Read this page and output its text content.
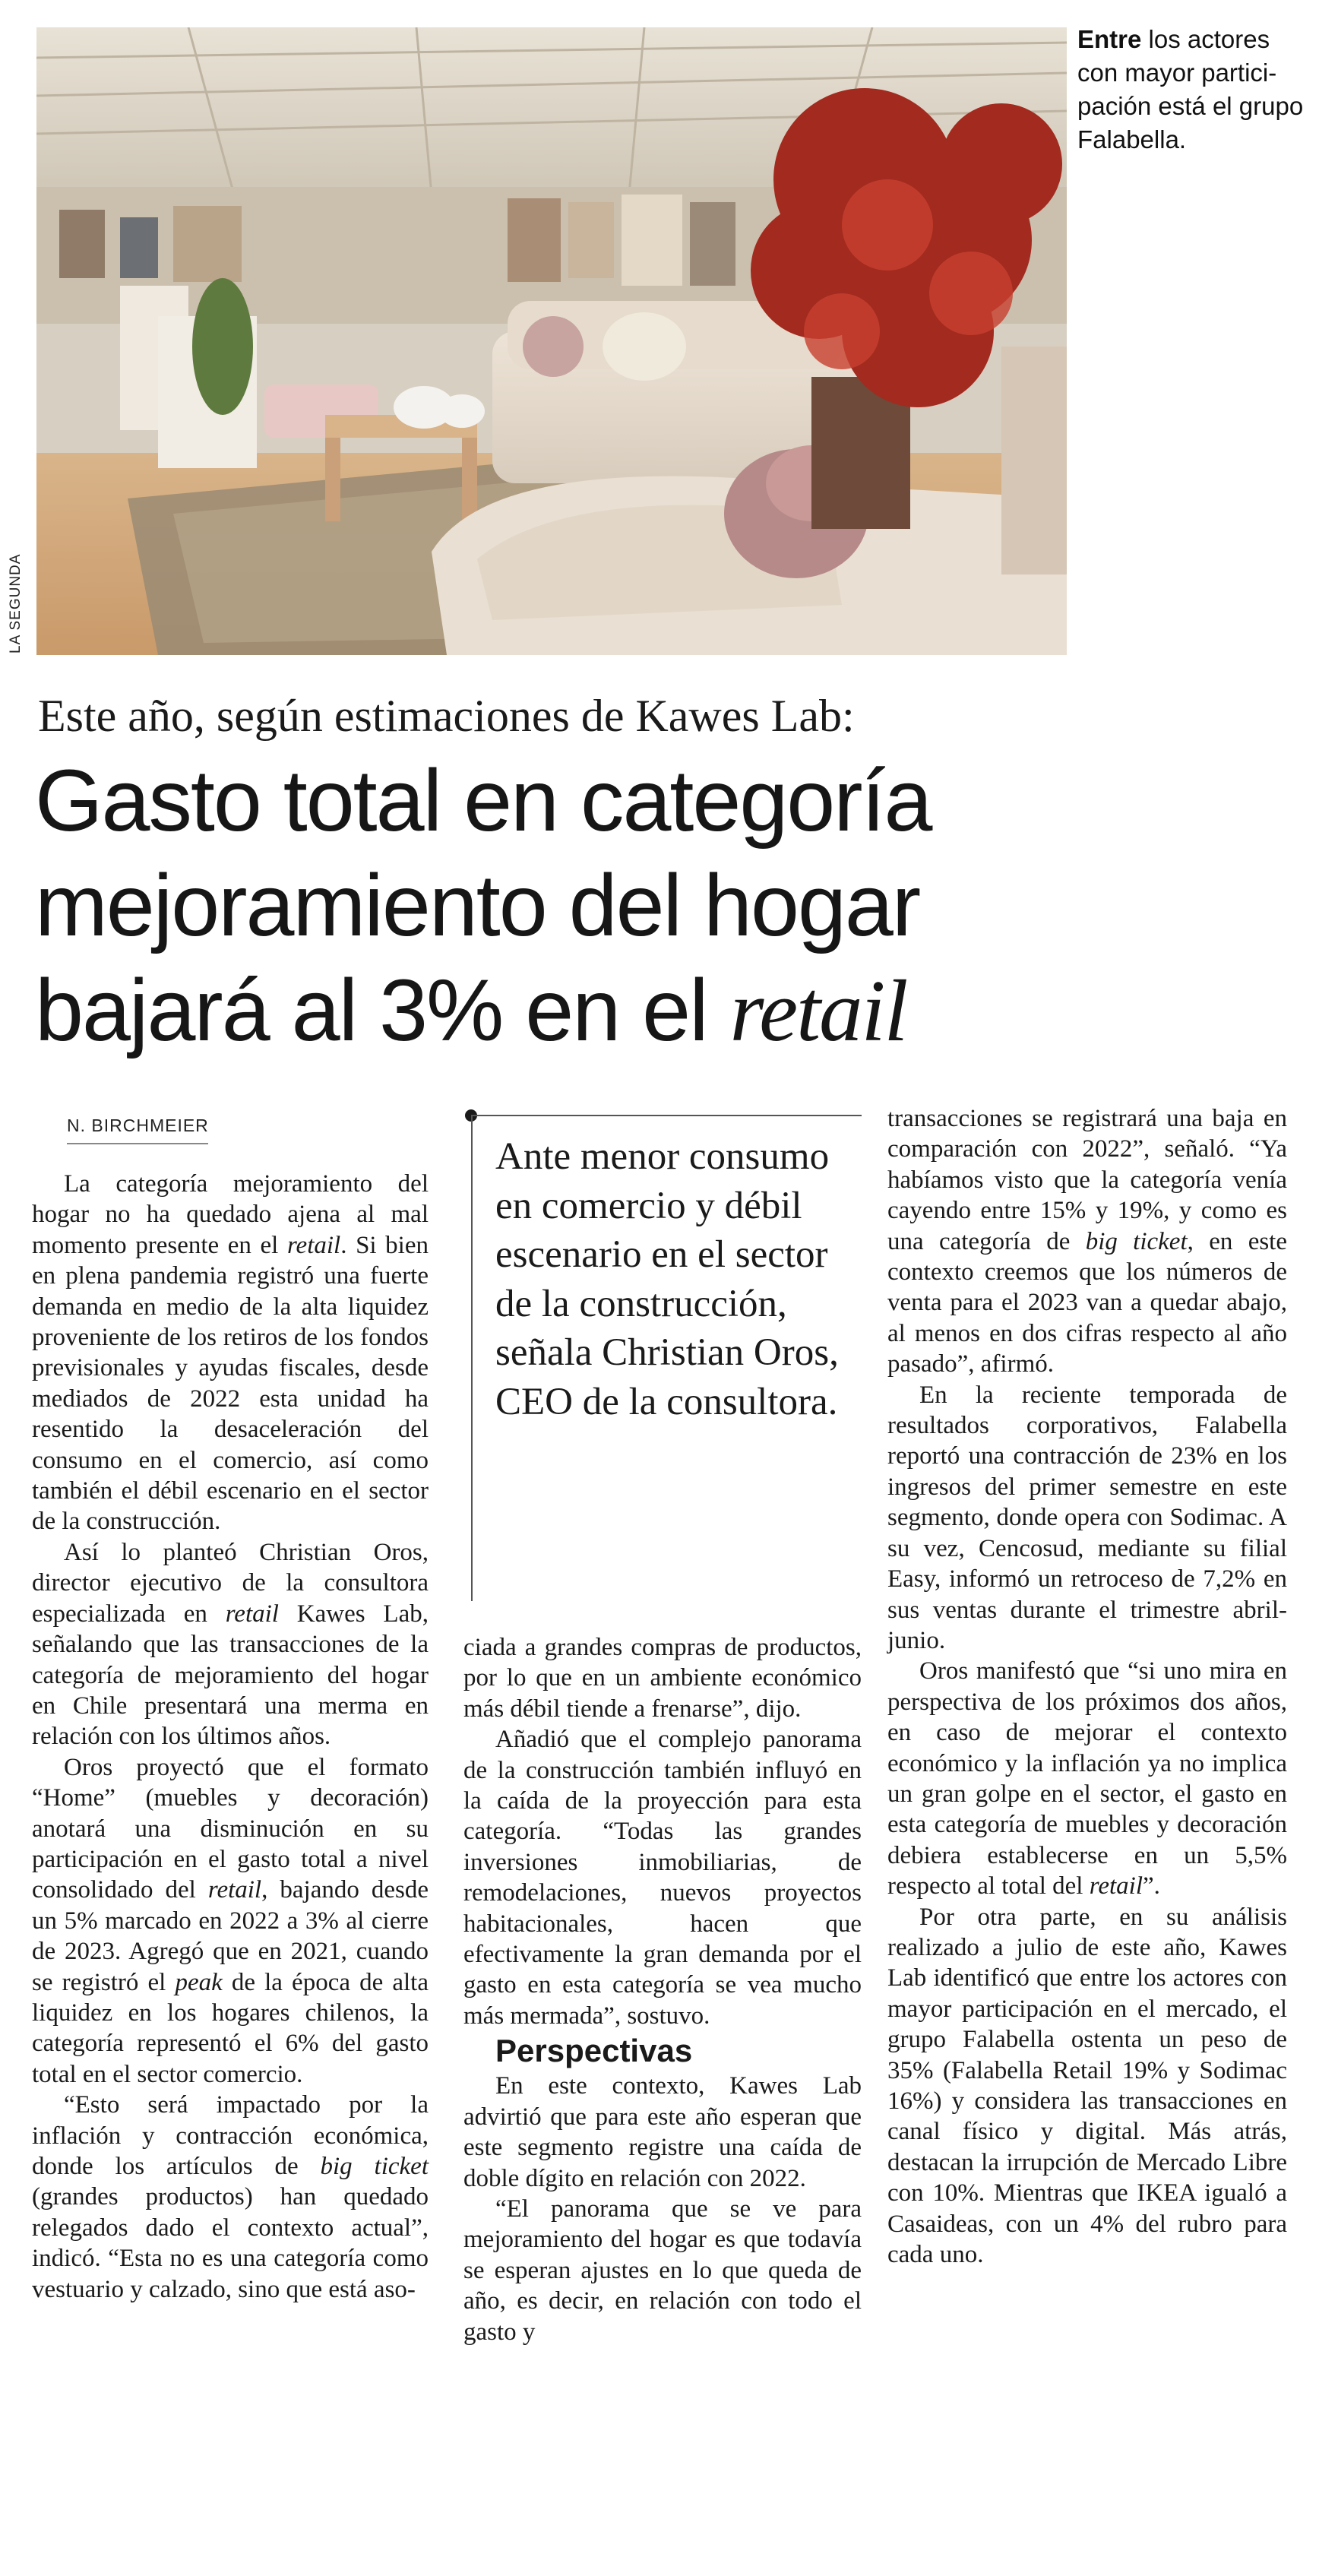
LA SEGUNDA
Entre los actores con mayor partici-pación está el grupo Falabella.
Este año, según estimaciones de Kawes Lab:
Gasto total en categoría
mejoramiento del hogar
bajará al 3% en el retail
N. BIRCHMEIER

La categoría mejoramiento del hogar no ha quedado ajena al mal momento presente en el retail. Si bien en plena pandemia registró una fuerte demanda en medio de la alta liquidez proveniente de los retiros de los fondos previsionales y ayudas fiscales, desde mediados de 2022 esta unidad ha resentido la desaceleración del consumo en el comercio, así como también el débil escenario en el sector de la construcción.

Así lo planteó Christian Oros, director ejecutivo de la consultora especializada en retail Kawes Lab, señalando que las transacciones de la categoría de mejoramiento del hogar en Chile presentará una merma en relación con los últimos años.

Oros proyectó que el formato “Home” (muebles y decoración) anotará una disminución en su participación en el gasto total a nivel consolidado del retail, bajando desde un 5% marcado en 2022 a 3% al cierre de 2023. Agregó que en 2021, cuando se registró el peak de la época de alta liquidez en los hogares chilenos, la categoría representó el 6% del gasto total en el sector comercio.

“Esto será impactado por la inflación y contracción económica, donde los artículos de big ticket (grandes productos) han quedado relegados dado el contexto actual”, indicó. “Esta no es una categoría como vestuario y calzado, sino que está aso-

ciada a grandes compras de productos, por lo que en un ambiente económico más débil tiende a frenarse”, dijo.

Añadió que el complejo panorama de la construcción también influyó en la caída de la proyección para esta categoría. “Todas las grandes inversiones inmobiliarias, de remodelaciones, nuevos proyectos habitacionales, hacen que efectivamente la gran demanda por el gasto en esta categoría se vea mucho más mermada”, sostuvo.

Perspectivas

En este contexto, Kawes Lab advirtió que para este año esperan que este segmento registre una caída de doble dígito en relación con 2022.

“El panorama que se ve para mejoramiento del hogar es que todavía se esperan ajustes en lo que queda de año, es decir, en relación con todo el gasto y

transacciones se registrará una baja en comparación con 2022”, señaló. “Ya habíamos visto que la categoría venía cayendo entre 15% y 19%, y como es una categoría de big ticket, en este contexto creemos que los números de venta para el 2023 van a quedar abajo, al menos en dos cifras respecto al año pasado”, afirmó.

En la reciente temporada de resultados corporativos, Falabella reportó una contracción de 23% en los ingresos del primer semestre en este segmento, donde opera con Sodimac. A su vez, Cencosud, mediante su filial Easy, informó un retroceso de 7,2% en sus ventas durante el trimestre abril-junio.

Oros manifestó que “si uno mira en perspectiva de los próximos dos años, en caso de mejorar el contexto económico y la inflación ya no implica un gran golpe en el sector, el gasto en esta categoría de muebles y decoración debiera establecerse en un 5,5% respecto al total del retail”.

Por otra parte, en su análisis realizado a julio de este año, Kawes Lab identificó que entre los actores con mayor participación en el mercado, el grupo Falabella ostenta un peso de 35% (Falabella Retail 19% y Sodimac 16%) y considera las transacciones en canal físico y digital. Más atrás, destacan la irrupción de Mercado Libre con 10%. Mientras que IKEA igualó a Casaideas, con un 4% del rubro para cada uno.

Ante menor consumo en comercio y débil escenario en el sector de la construcción, señala Christian Oros, CEO de la consultora.
